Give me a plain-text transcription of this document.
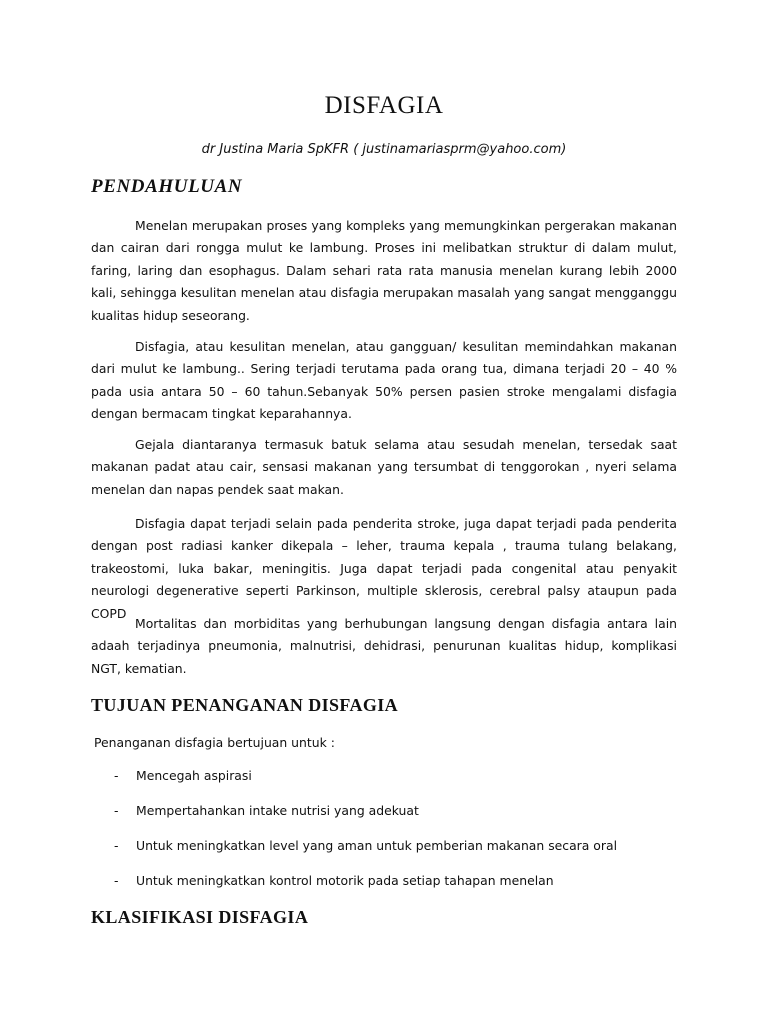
DISFAGIA
dr Justina Maria SpKFR ( justinamariasprm@yahoo.com)
PENDAHULUAN

Menelan merupakan proses yang kompleks yang memungkinkan pergerakan makanan dan cairan dari rongga mulut ke lambung. Proses ini melibatkan struktur di dalam mulut, faring, laring dan esophagus. Dalam sehari rata rata manusia menelan kurang lebih 2000 kali, sehingga kesulitan menelan atau disfagia merupakan masalah yang sangat mengganggu kualitas hidup seseorang.

Disfagia, atau kesulitan menelan, atau gangguan/ kesulitan memindahkan makanan dari mulut ke lambung.. Sering terjadi terutama pada orang tua, dimana terjadi 20 – 40 % pada usia antara 50 – 60 tahun.Sebanyak 50% persen pasien stroke mengalami disfagia dengan bermacam tingkat keparahannya.

Gejala diantaranya termasuk batuk selama atau sesudah menelan, tersedak saat makanan padat atau cair, sensasi makanan yang tersumbat di tenggorokan , nyeri selama menelan dan napas pendek saat makan.

Disfagia dapat terjadi selain pada penderita stroke, juga dapat terjadi pada penderita dengan post radiasi kanker dikepala – leher, trauma kepala , trauma tulang belakang, trakeostomi, luka bakar, meningitis. Juga dapat terjadi pada congenital atau penyakit neurologi degenerative seperti Parkinson, multiple sklerosis, cerebral palsy ataupun pada COPD

Mortalitas dan morbiditas yang berhubungan langsung dengan disfagia antara lain adaah terjadinya pneumonia, malnutrisi, dehidrasi, penurunan kualitas hidup, komplikasi NGT, kematian.

TUJUAN PENANGANAN DISFAGIA
Penanganan disfagia bertujuan untuk :
- Mencegah aspirasi
- Mempertahankan intake nutrisi yang adekuat
- Untuk meningkatkan level yang aman untuk pemberian makanan secara oral
- Untuk meningkatkan kontrol motorik pada setiap tahapan menelan
KLASIFIKASI DISFAGIA
